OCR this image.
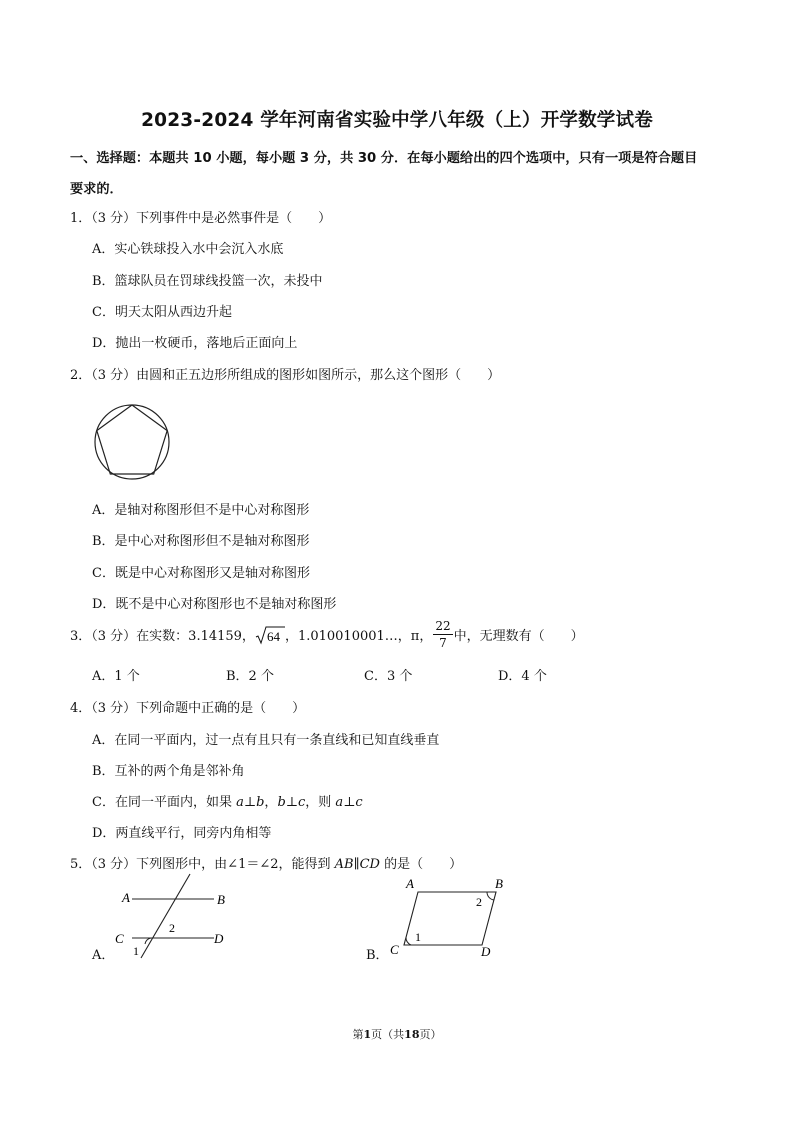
2023-2024 学年河南省实验中学八年级（上）开学数学试卷
一、选择题：本题共 10 小题，每小题 3 分，共 30 分．在每小题给出的四个选项中，只有一项是符合题目
要求的．
1．（3 分）下列事件中是必然事件是（　　）
A．实心铁球投入水中会沉入水底
B．篮球队员在罚球线投篮一次，未投中
C．明天太阳从西边升起
D．抛出一枚硬币，落地后正面向上
2．（3 分）由圆和正五边形所组成的图形如图所示，那么这个图形（　　）
A．是轴对称图形但不是中心对称图形
B．是中心对称图形但不是轴对称图形
C．既是中心对称图形又是轴对称图形
D．既不是中心对称图形也不是轴对称图形
3．（3 分）在实数：3.14159， 64 ，1.010010001…，π， $\frac{22}{7}$ 中，无理数有（　　）
A．1 个	B．2 个	C．3 个	D．4 个
4．（3 分）下列命题中正确的是（　　）
A．在同一平面内，过一点有且只有一条直线和已知直线垂直
B．互补的两个角是邻补角
C．在同一平面内，如果 a⊥b，b⊥c，则 a⊥c
D．两直线平行，同旁内角相等
5．（3 分）下列图形中，由∠1＝∠2，能得到 AB∥CD 的是（　　）
A．
A	B
C	D
2
1	B．
A	B
C	D
2
1
第1页（共18页）
